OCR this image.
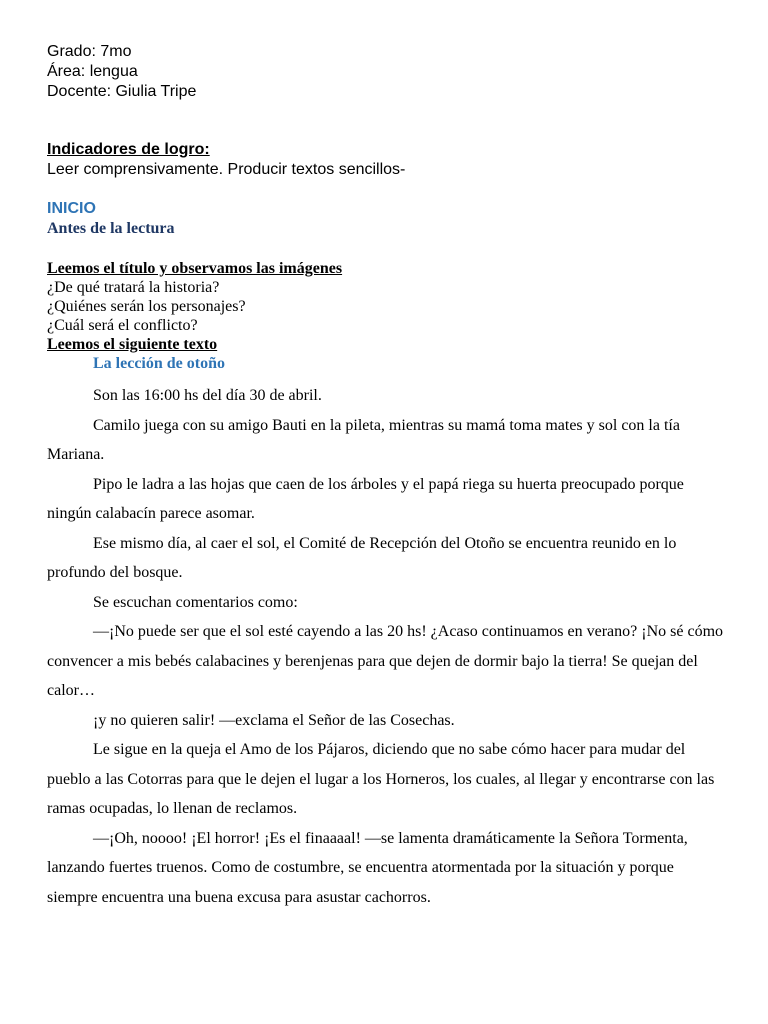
Grado: 7mo

Área: lengua

Docente: Giulia Tripe

Indicadores de logro:
Leer comprensivamente. Producir textos sencillos-
INICIO
Antes de la lectura
Leemos el título y observamos las imágenes
¿De qué tratará la historia?
¿Quiénes serán los personajes?
¿Cuál será el conflicto?
Leemos el siguiente texto
La lección de otoño

Son las 16:00 hs del día 30 de abril.

Camilo juega con su amigo Bauti en la pileta, mientras su mamá toma mates y sol con la tía Mariana.

Pipo le ladra a las hojas que caen de los árboles y el papá riega su huerta preocupado porque ningún calabacín parece asomar.

Ese mismo día, al caer el sol, el Comité de Recepción del Otoño se encuentra reunido en lo profundo del bosque.

Se escuchan comentarios como:

—¡No puede ser que el sol esté cayendo a las 20 hs! ¿Acaso continuamos en verano? ¡No sé cómo convencer a mis bebés calabacines y berenjenas para que dejen de dormir bajo la tierra! Se quejan del calor…

¡y no quieren salir! —exclama el Señor de las Cosechas.

Le sigue en la queja el Amo de los Pájaros, diciendo que no sabe cómo hacer para mudar del pueblo a las Cotorras para que le dejen el lugar a los Horneros, los cuales, al llegar y encontrarse con las ramas ocupadas, lo llenan de reclamos.

—¡Oh, noooo! ¡El horror! ¡Es el finaaaal! —se lamenta dramáticamente la Señora Tormenta, lanzando fuertes truenos. Como de costumbre, se encuentra atormentada por la situación y porque siempre encuentra una buena excusa para asustar cachorros.
